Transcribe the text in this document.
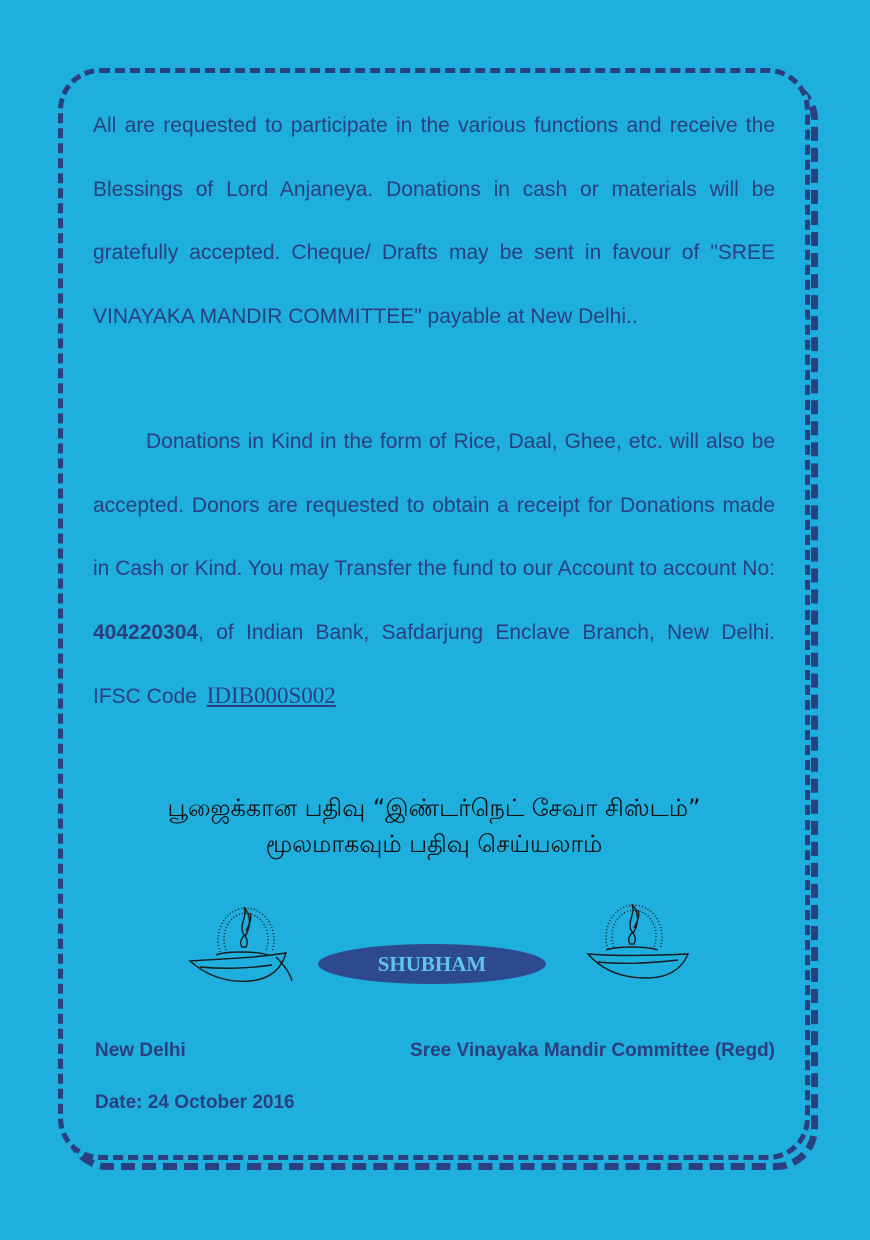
All are requested to participate in the various functions and receive the Blessings of Lord Anjaneya. Donations in cash or materials will be gratefully accepted. Cheque/ Drafts may be sent in favour of "SREE VINAYAKA MANDIR COMMITTEE" payable at New Delhi..
Donations in Kind in the form of Rice, Daal, Ghee, etc. will also be accepted. Donors are requested to obtain a receipt for Donations made in Cash or Kind. You may Transfer the fund to our Account to account No: 404220304, of Indian Bank, Safdarjung Enclave Branch, New Delhi. IFSC Code IDIB000S002
பூஜைக்கான பதிவு “இண்டர்நெட் சேவா சிஸ்டம்”
மூலமாகவும் பதிவு செய்யலாம்
SHUBHAM
New Delhi	Sree Vinayaka Mandir Committee (Regd)
Date: 24 October 2016
